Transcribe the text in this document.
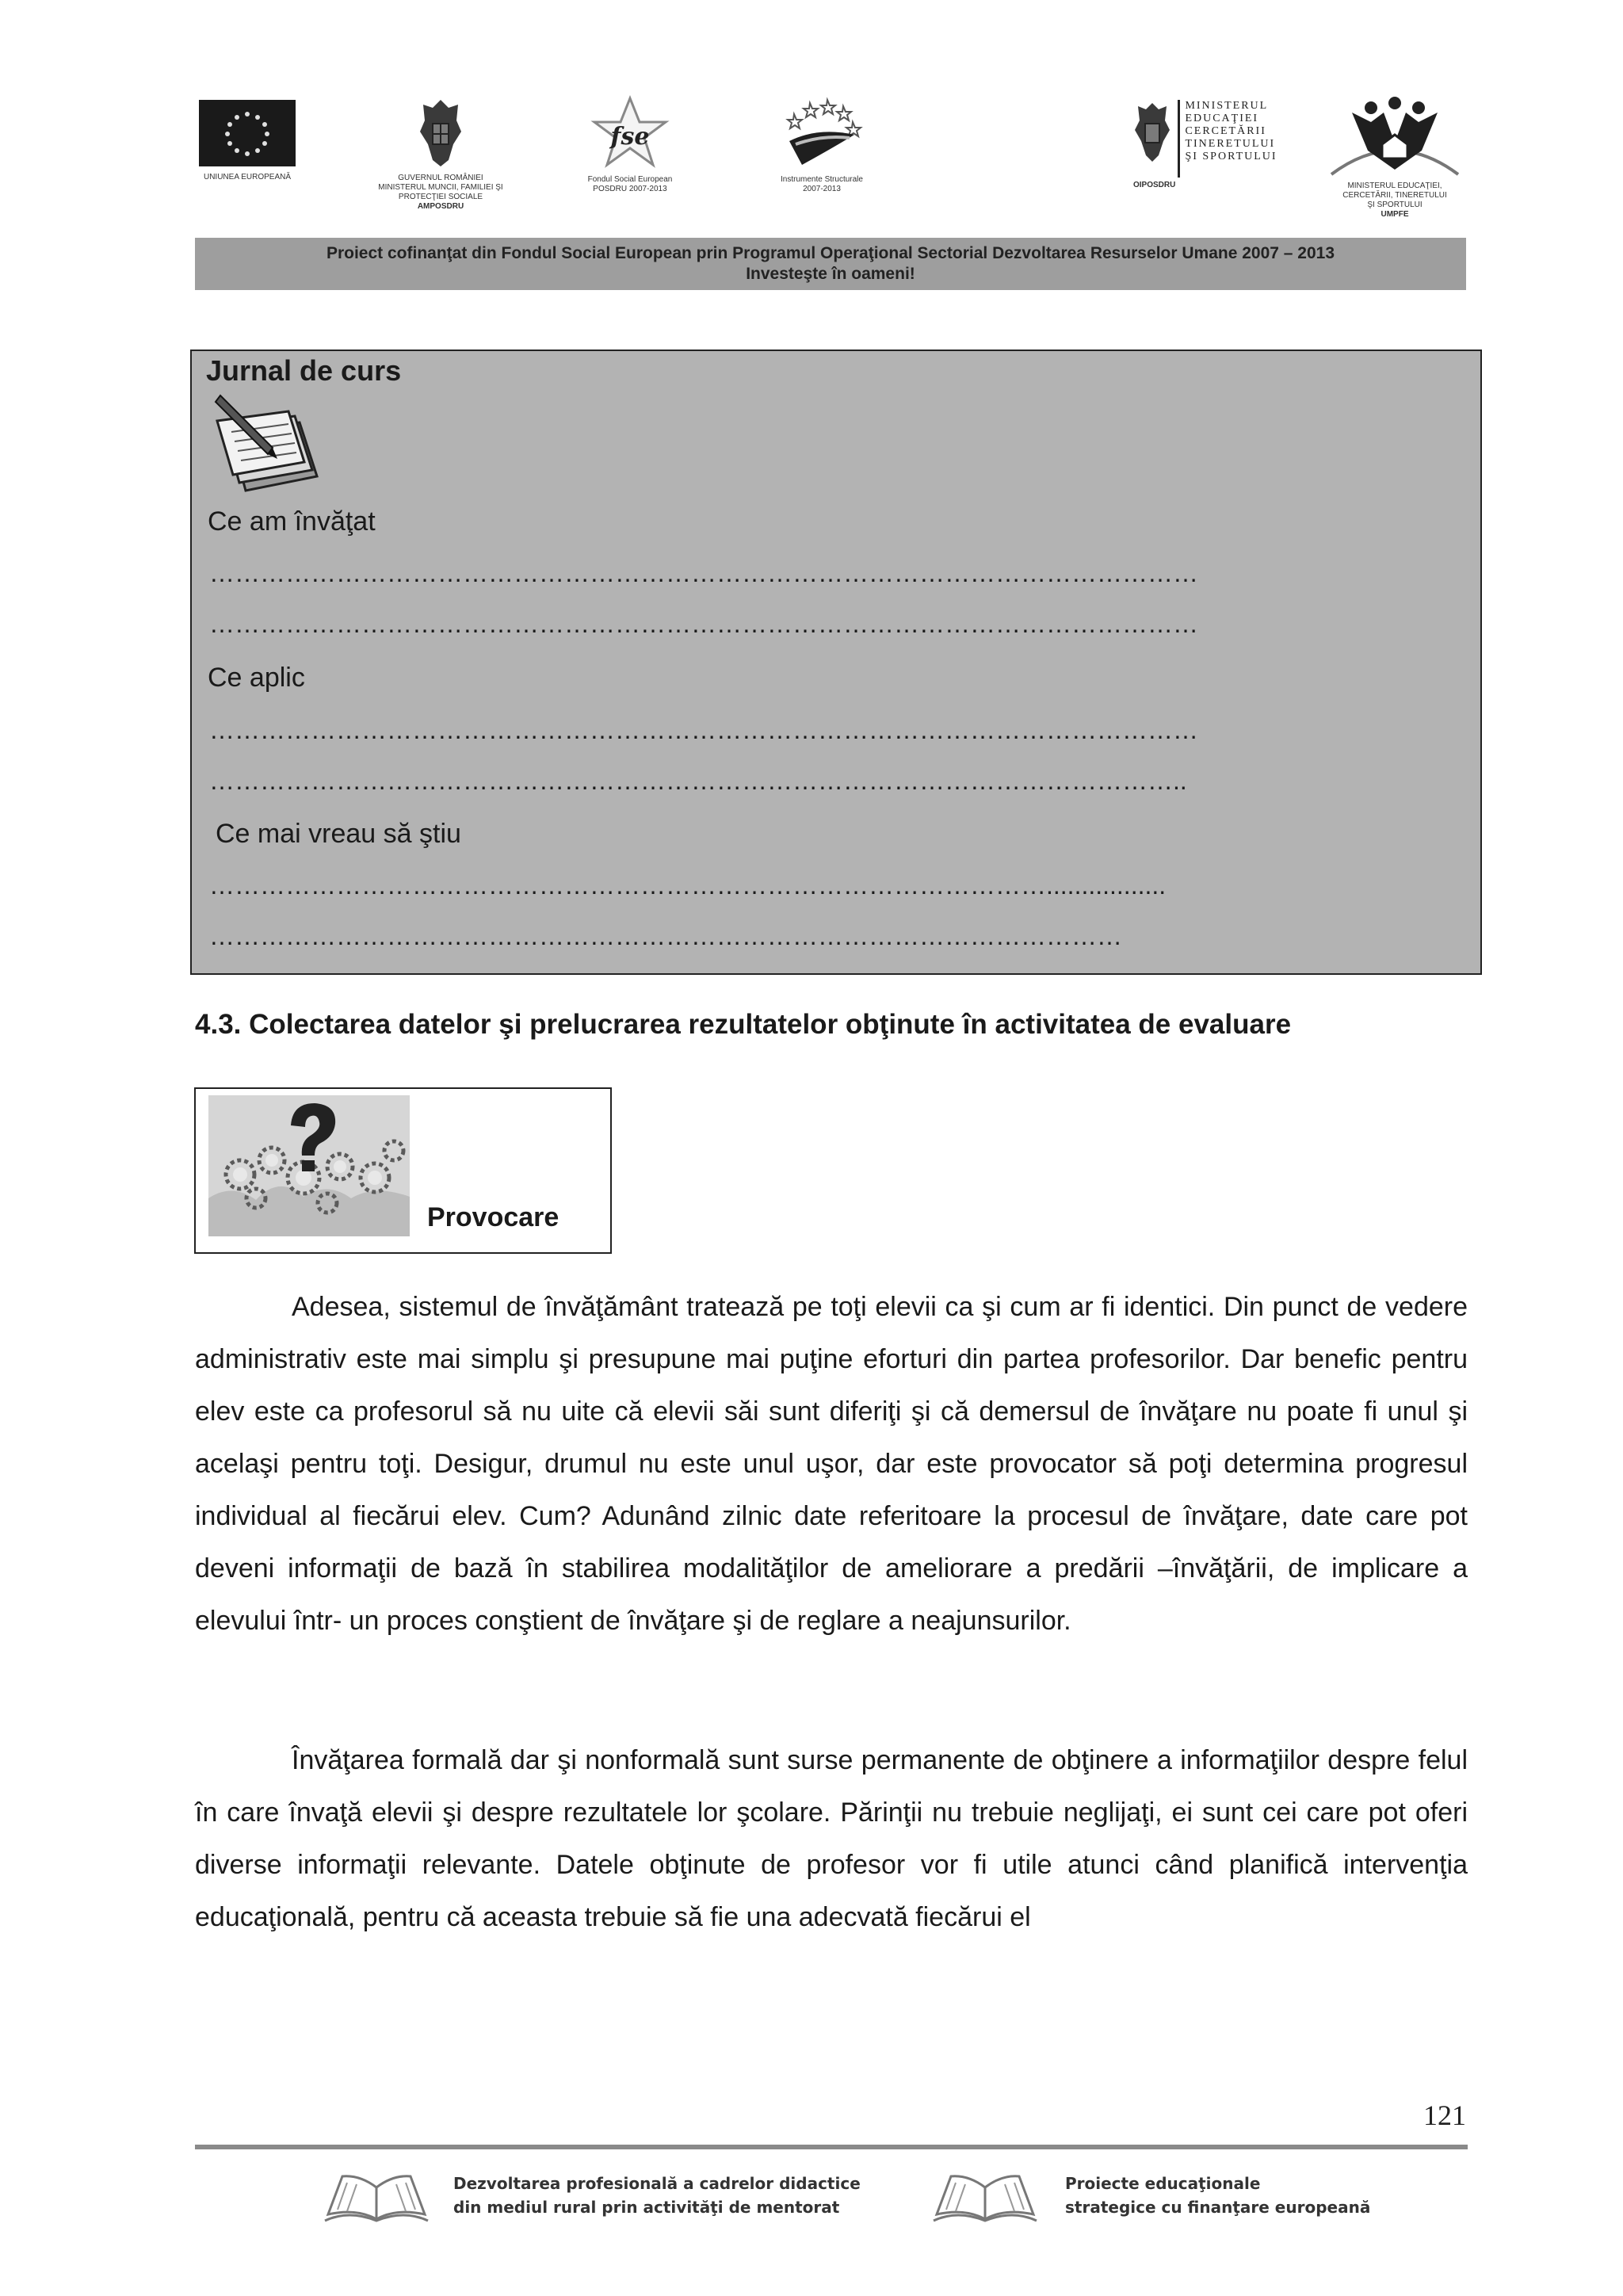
UNIUNEA EUROPEANĂ	GUVERNUL ROMÂNIEI
MINISTERUL MUNCII, FAMILIEI ŞI
PROTECŢIEI SOCIALE
AMPOSDRU
fse
Fondul Social European
POSDRU 2007-2013
Instrumente Structurale
2007-2013
MINISTERUL
EDUCAŢIEI
CERCETĂRII
TINERETULUI
ŞI SPORTULUI
OIPOSDRU	MINISTERUL EDUCAŢIEI,
CERCETĂRII, TINERETULUI
ŞI SPORTULUI
UMPFE
Proiect cofinanţat din Fondul Social European prin Programul Operaţional Sectorial Dezvoltarea Resurselor Umane 2007 – 2013
Investeşte în oameni!
Jurnal de curs
Ce am învăţat
………………………………………………………………………………………………………
………………………………………………………………………………………………………
Ce aplic
………………………………………………………………………………………………………
……………………………………………………………………………………………………..
Ce mai vreau să ştiu
……………………………………………………………………………………….................
………………………………………………………………………………………………
4.3. Colectarea datelor şi prelucrarea rezultatelor obţinute în activitatea de evaluare
Provocare
Adesea, sistemul de învăţământ tratează pe toţi elevii ca şi cum ar fi identici. Din punct de vedere administrativ este mai simplu şi presupune mai puţine eforturi din partea profesorilor. Dar benefic pentru elev este ca profesorul să nu uite că elevii săi sunt diferiţi şi că demersul de învăţare nu poate fi unul şi acelaşi pentru toţi. Desigur, drumul nu este unul uşor, dar este provocator să poţi determina progresul individual al fiecărui elev. Cum? Adunând zilnic date referitoare la procesul de învăţare, date care pot deveni informaţii de bază în stabilirea modalităţilor de ameliorare a predării –învăţării, de implicare a elevului într- un proces conştient de învăţare şi de reglare a neajunsurilor.
Învăţarea formală dar şi nonformală sunt surse permanente de obţinere a informaţiilor despre felul în care învaţă elevii şi despre rezultatele lor şcolare. Părinţii nu trebuie neglijaţi, ei sunt cei care pot oferi diverse informaţii relevante. Datele obţinute de profesor vor fi utile atunci când planifică intervenţia educaţională, pentru că aceasta trebuie să fie una adecvată fiecărui el
121
Dezvoltarea profesională a cadrelor didactice
din mediul rural prin activităţi de mentorat
Proiecte educaţionale
strategice cu finanţare europeană
